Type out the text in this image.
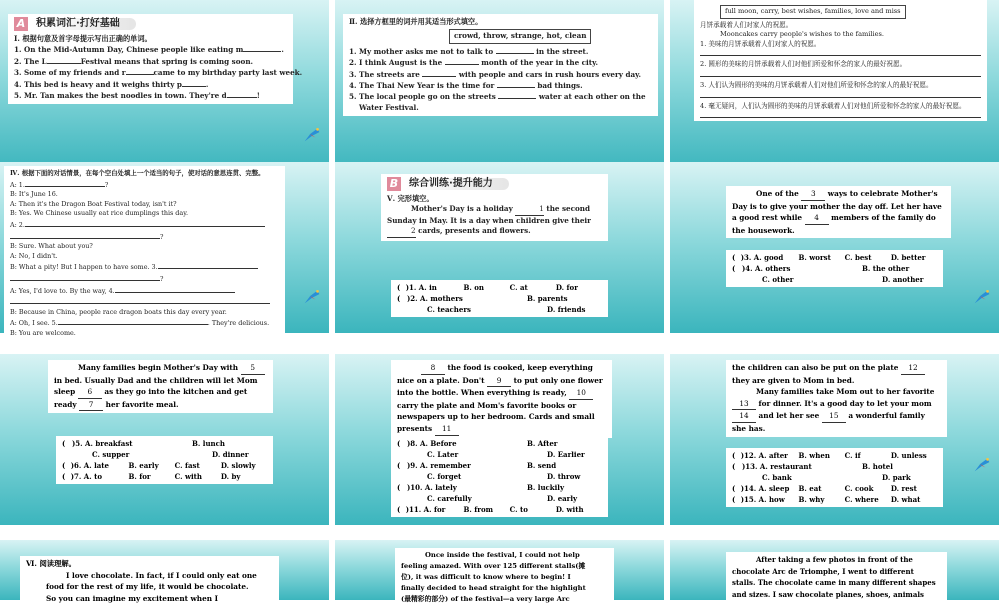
A	积累词汇·打好基础
Ⅰ. 根据句意及首字母提示写出正确的单词。
1. On the Mid-Autumn Day, Chinese people like eating m	.
2. The L	Festival means that spring is coming soon.
3. Some of my friends and r	came to my birthday party last week.
4. This bed is heavy and it weighs thirty p	.
5. Mr. Tan makes the best noodles in town. They're d	!
Ⅱ. 选择方框里的词并用其适当形式填空。
crowd, throw, strange, hot, clean
1. My mother asks me not to talk to	in the street.
2. I think August is the	month of the year in the city.
3. The streets are	with people and cars in rush hours every day.
4. The Thai New Year is the time for	bad things.
5. The local people go on the streets	water at each other on the
Water Festival.
full moon, carry, best wishes, families, love and miss
月饼承载着人们对家人的祝愿。
Mooncakes carry people's wishes to the families.
1. 美味的月饼承载着人们对家人的祝愿。
2. 圆形的美味的月饼承载着人们对他们所爱和怀念的家人的最好祝愿。
3. 人们认为圆形的美味的月饼承载着人们对他们所爱和怀念的家人的最好祝愿。
4. 毫无疑问，人们认为圆形的美味的月饼承载着人们对他们所爱和怀念的家人的最好祝愿。
Ⅳ. 根据下面的对话情景，在每个空白处填上一个适当的句子，使对话的意思连贯、完整。
A: 1.	?
B: It's June 16.
A: Then it's the Dragon Boat Festival today, isn't it?
B: Yes. We Chinese usually eat rice dumplings this day.
A: 2.
?
B: Sure. What about you?
A: No, I didn't.
B: What a pity! But I happen to have some. 3.
?
A: Yes, I'd love to. By the way, 4.
B: Because in China, people race dragon boats this day every year.
A: Oh, I see. 5.	. They're delicious.
B: You are welcome.
B	综合训练·提升能力
Ⅴ. 完形填空。
Mother's Day is a holiday	1 the second Sunday in May. It is a day when children give their 2 cards, presents and flowers.
( )1. A. in	B. on	C. at	D. for
( )2. A. mothers	B. parents
C. teachers	D. friends
One of the 3 ways to celebrate Mother's Day is to give your mother the day off. Let her have a good rest while 4 members of the family do the housework.
( )3. A. good	B. worst	C. best	D. better
( )4. A. others	B. the other
C. other	D. another
Many families begin Mother's Day with 5 in bed. Usually Dad and the children will let Mom sleep 6 as they go into the kitchen and get ready 7 her favorite meal.
( )5. A. breakfast	B. lunch
C. supper	D. dinner
( )6. A. late	B. early	C. fast	D. slowly
( )7. A. to	B. for	C. with	D. by
8 the food is cooked, keep everything nice on a plate. Don't 9 to put only one flower into the bottle. When everything is ready, 10 carry the plate and Mom's favorite books or newspapers up to her bedroom. Cards and small presents 11
( )8. A. Before	B. After
C. Later	D. Earlier
( )9. A. remember	B. send
C. forget	D. throw
( )10. A. lately	B. luckily
C. carefully	D. early
( )11. A. for	B. from	C. to	D. with
the children can also be put on the plate 12 they are given to Mom in bed.
Many families take Mom out to her favorite 13 for dinner. It's a good day to let your mom 14 and let her see 15 a wonderful family she has.
( )12. A. after	B. when	C. if	D. unless
( )13. A. restaurant	B. hotel
C. bank	D. park
( )14. A. sleep	B. eat	C. cook	D. rest
( )15. A. how	B. why	C. where	D. what
Ⅵ. 阅读理解。
I love chocolate. In fact, if I could only eat one
food for the rest of my life, it would be chocolate.
So you can imagine my excitement when I
Once inside the festival, I could not help
feeling amazed. With over 125 different stalls(摊
位), it was difficult to know where to begin! I
finally decided to head straight for the highlight
(最精彩的部分) of the festival—a very large Arc
After taking a few photos in front of the
chocolate Arc de Triomphe, I went to different
stalls. The chocolate came in many different shapes
and sizes. I saw chocolate planes, shoes, animals
